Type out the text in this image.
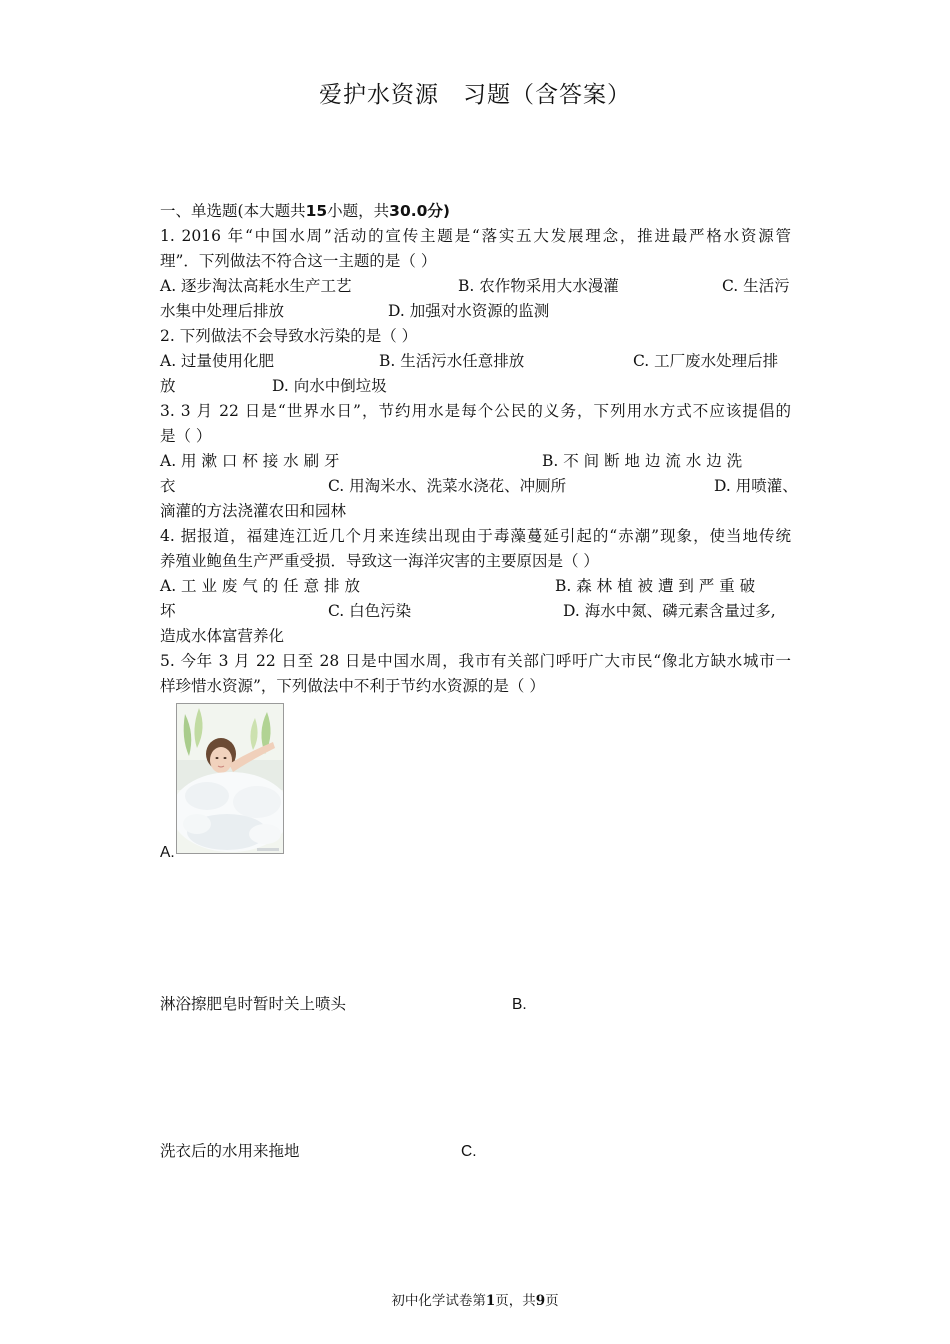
爱护水资源 习题（含答案）
一、单选题(本大题共15小题，共30.0分)
1. 2016 年“中国水周”活动的宣传主题是“落实五大发展理念，推进最严格水资源管
理”．下列做法不符合这一主题的是（ ）
A. 逐步淘汰高耗水生产工艺	B. 农作物采用大水漫灌	C. 生活污
水集中处理后排放	D. 加强对水资源的监测
2. 下列做法不会导致水污染的是（ ）
A. 过量使用化肥	B. 生活污水任意排放	C. 工厂废水处理后排
放	D. 向水中倒垃圾
3. 3 月 22 日是“世界水日”，节约用水是每个公民的义务，下列用水方式不应该提倡的
是（ ）
A. 用 漱 口 杯 接 水 刷 牙	B. 不 间 断 地 边 流 水 边 洗
衣	C. 用淘米水、洗菜水浇花、冲厕所	D. 用喷灌、
滴灌的方法浇灌农田和园林
4. 据报道，福建连江近几个月来连续出现由于毒藻蔓延引起的“赤潮”现象，使当地传统
养殖业鲍鱼生产严重受损．导致这一海洋灾害的主要原因是（ ）
A. 工 业 废 气 的 任 意 排 放	B. 森 林 植 被 遭 到 严 重 破
坏	C. 白色污染	D. 海水中氮、磷元素含量过多,
造成水体富营养化
5. 今年 3 月 22 日至 28 日是中国水周，我市有关部门呼吁广大市民“像北方缺水城市一
样珍惜水资源”，下列做法中不利于节约水资源的是（ ）
A.
淋浴擦肥皂时暂时关上喷头	B.
洗衣后的水用来拖地	C.
初中化学试卷第1页，共9页
